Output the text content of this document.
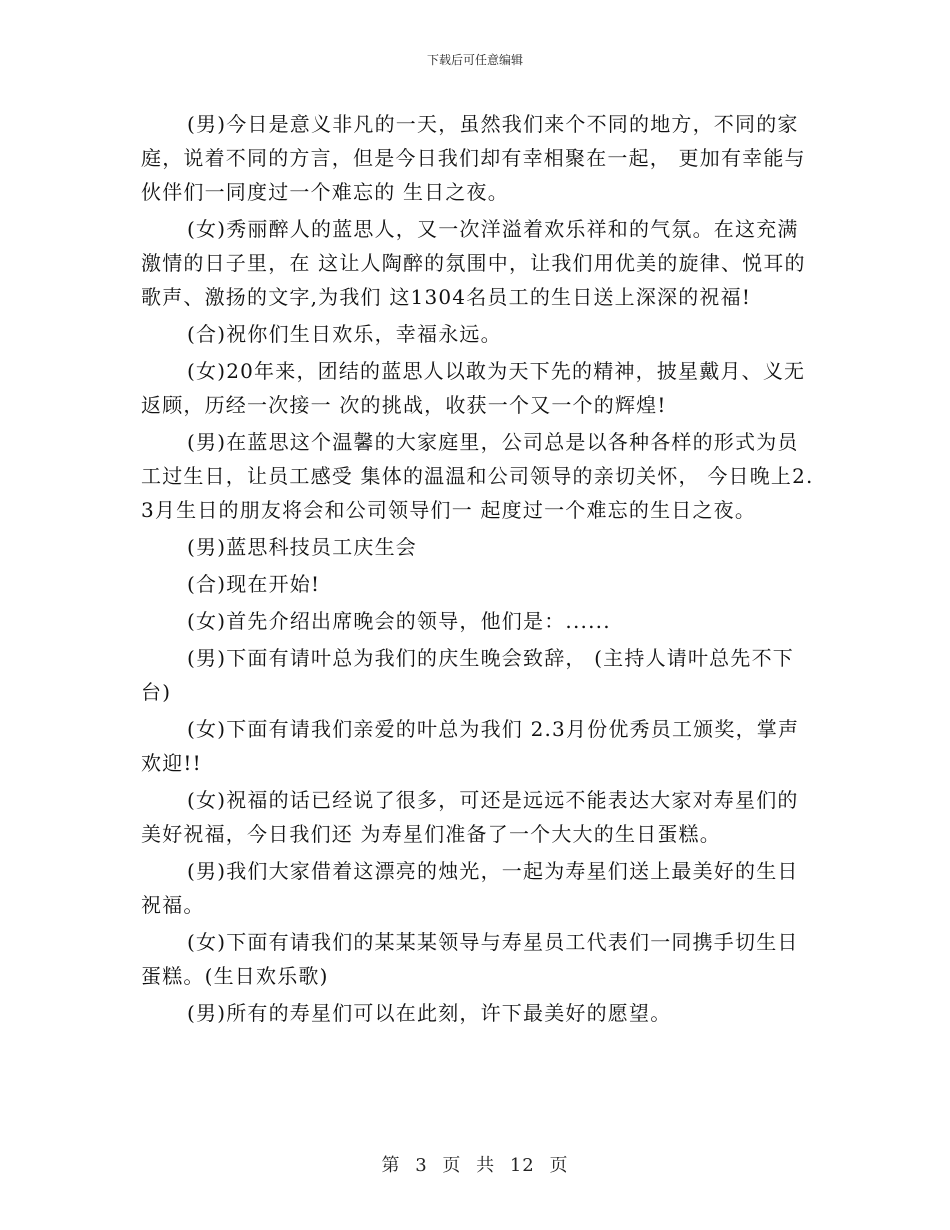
下载后可任意编辑

(男)今日是意义非凡的一天，虽然我们来个不同的地方，不同的家庭，说着不同的方言，但是今日我们却有幸相聚在一起， 更加有幸能与伙伴们一同度过一个难忘的 生日之夜。

(女)秀丽醉人的蓝思人，又一次洋溢着欢乐祥和的气氛。在这充满激情的日子里，在 这让人陶醉的氛围中，让我们用优美的旋律、悦耳的歌声、激扬的文字,为我们 这1304名员工的生日送上深深的祝福!

(合)祝你们生日欢乐，幸福永远。

(女)20年来，团结的蓝思人以敢为天下先的精神，披星戴月、义无返顾，历经一次接一 次的挑战，收获一个又一个的辉煌!

(男)在蓝思这个温馨的大家庭里，公司总是以各种各样的形式为员工过生日，让员工感受 集体的温温和公司领导的亲切关怀， 今日晚上2.3月生日的朋友将会和公司领导们一 起度过一个难忘的生日之夜。

(男)蓝思科技员工庆生会

(合)现在开始!

(女)首先介绍出席晚会的领导，他们是：......

(男)下面有请叶总为我们的庆生晚会致辞， (主持人请叶总先不下台)

(女)下面有请我们亲爱的叶总为我们 2.3月份优秀员工颁奖，掌声欢迎!!

(女)祝福的话已经说了很多，可还是远远不能表达大家对寿星们的美好祝福，今日我们还 为寿星们准备了一个大大的生日蛋糕。

(男)我们大家借着这漂亮的烛光，一起为寿星们送上最美好的生日祝福。

(女)下面有请我们的某某某领导与寿星员工代表们一同携手切生日蛋糕。(生日欢乐歌)

(男)所有的寿星们可以在此刻，许下最美好的愿望。

第 3 页 共 12 页
